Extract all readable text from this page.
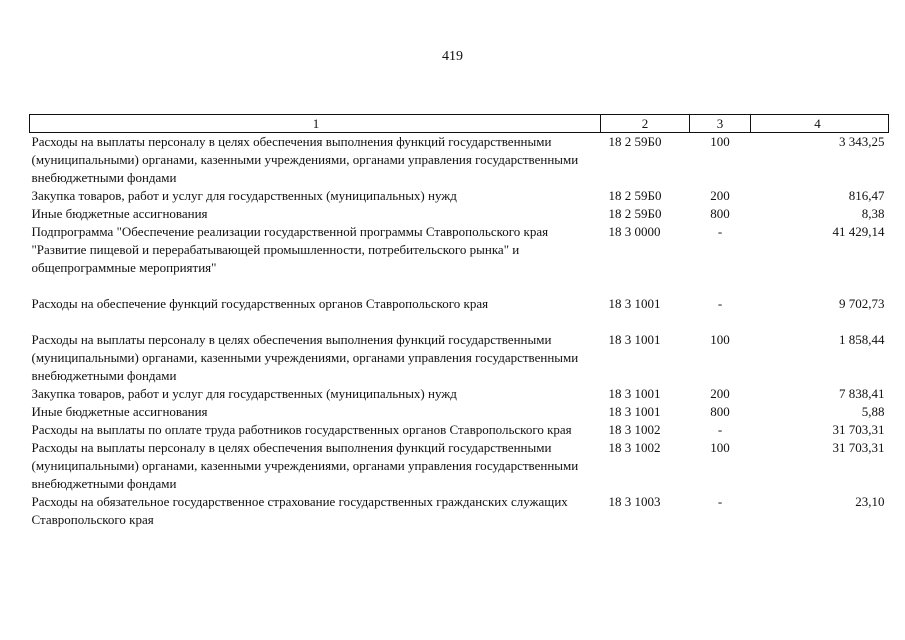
419
1	2	3	4
Расходы на выплаты персоналу в целях обеспечения выполнения функций государственными (муниципальными) органами, казенными учреждениями, органами управления государственными внебюджетными фондами	18 2 59Б0	100	3 343,25
Закупка товаров, работ и услуг для государственных (муниципальных) нужд	18 2 59Б0	200	816,47
Иные бюджетные ассигнования	18 2 59Б0	800	8,38
Подпрограмма "Обеспечение реализации государственной программы Ставропольского края "Развитие пищевой и перерабатывающей промышленности, потребительского рынка" и общепрограммные мероприятия"	18 3 0000	-	41 429,14

Расходы на обеспечение функций государственных органов Ставропольского края	18 3 1001	-	9 702,73

Расходы на выплаты персоналу в целях обеспечения выполнения функций государственными (муниципальными) органами, казенными учреждениями, органами управления государственными внебюджетными фондами	18 3 1001	100	1 858,44
Закупка товаров, работ и услуг для государственных (муниципальных) нужд	18 3 1001	200	7 838,41
Иные бюджетные ассигнования	18 3 1001	800	5,88
Расходы на выплаты по оплате труда работников государственных органов Ставропольского края	18 3 1002	-	31 703,31
Расходы на выплаты персоналу в целях обеспечения выполнения функций государственными (муниципальными) органами, казенными учреждениями, органами управления государственными внебюджетными фондами	18 3 1002	100	31 703,31
Расходы на обязательное государственное страхование государственных гражданских служащих Ставропольского края	18 3 1003	-	23,10
